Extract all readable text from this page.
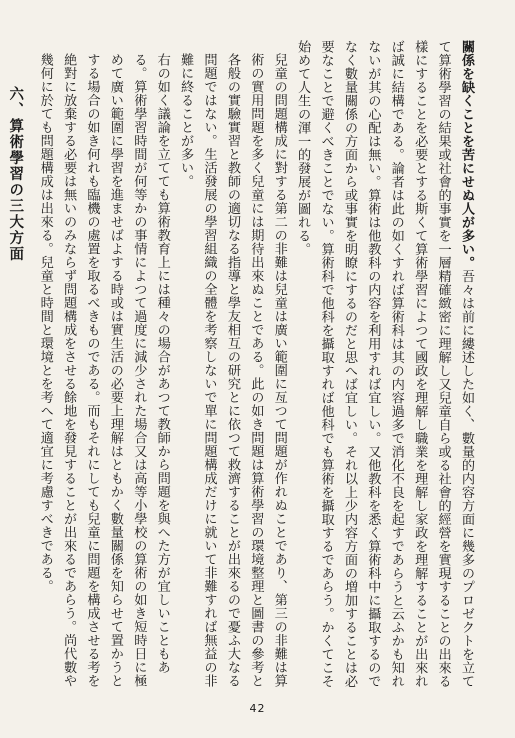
關係を缺くことを苦にせぬ人が多い。吾々は前に縷述した如く、數量的内容方面に幾多のプロゼクトを立てて算術學習の結果或社會的事實を一層精確緻密に理解し又兒童自ら或る社會的經營を實現することの出來る樣にすることを必要とする斯くて算術學習によつて國政を理解し職業を理解し家政を理解することが出來れば誠に結構である。論者は此の如くすれば算術科は其の内容過多で消化不良を起すであらうと云ふかも知れないが其の心配は無い。算術は他教科の内容を利用すれば宜しい。又他教科を悉く算術科中に攝取するのでなく數量關係の方面から或事實を明瞭にするのだと思へば宜しい。それ以上少内容方面の増加することは必要なことで避くべきことでない。算術科で他科を攝取すれば他科でも算術を攝取するであらう。かくてこそ始めて人生の渾一的發展が圖れる。

兒童の問題構成に對する第二の非難は兒童は廣い範圍に亙つて問題が作れぬことであり、第三の非難は算術の實用問題を多く兒童には期待出來ぬことである。此の如き問題は算術學習の環境整理と圖書の參考と各般の實驗實習と教師の適切なる指導と學友相互の研究とに依つて救濟することが出來るので憂ふ大なる問題ではない。生活發展の學習組織の全體を考察しないで單に問題構成だけに就いて非難すれば無益の非難に終ることが多い。

右の如く議論を立てても算術教育上には種々の場合があつて教師から問題を與へた方が宜しいこともある。算術學習時間が何等かの事情によつて過度に減少された場合又は高等小學校の算術の如き短時日に極めて廣い範圍に學習を進ませばよする時或は實生活の必要上理解はともかく數量關係を知らせて置かうとする場合の如き何れも臨機の處置を取るべきものである。而もそれにしても兒童に問題を構成させる考を絶對に放棄する必要は無いのみならず問題構成をさせる餘地を發見することが出來るであらう。尚代數や幾何に於ても問題構成は出來る。兒童と時間と環境とを考へて適宜に考慮すべきである。

六、算術學習の三大方面

42
